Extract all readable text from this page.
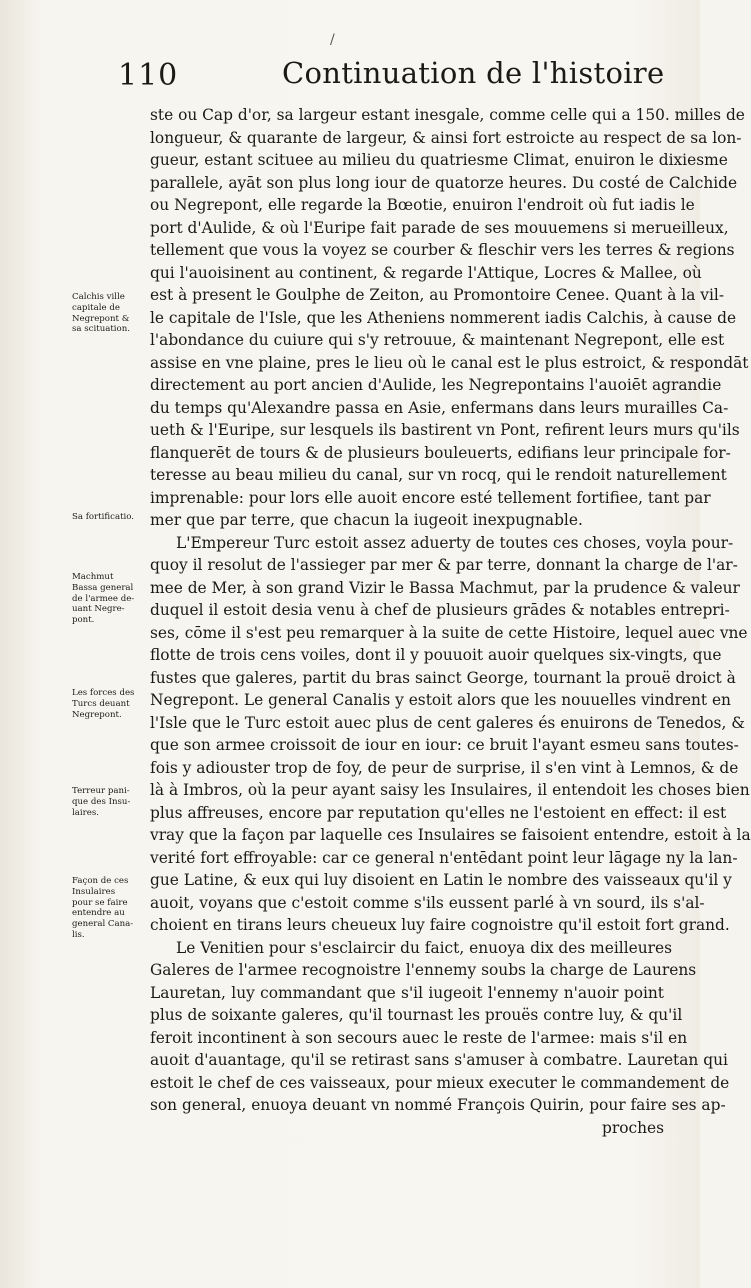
/
110	Continuation de l'histoire
Calchis ville
capitale de
Negrepont &
sa scituation.
Sa fortificatio.
Machmut
Bassa general
de l'armee de-
uant Negre-
pont.
Les forces des
Turcs deuant
Negrepont.
Terreur pani-
que des Insu-
laires.
Façon de ces
Insulaires
pour se faire
entendre au
general Cana-
lis.
ste ou Cap d'or, sa largeur estant inesgale, comme celle qui a 150. milles de
longueur, & quarante de largeur, & ainsi fort estroicte au respect de sa lon-
gueur, estant scituee au milieu du quatriesme Climat, enuiron le dixiesme
parallele, ayāt son plus long iour de quatorze heures. Du costé de Calchide
ou Negrepont, elle regarde la Bœotie, enuiron l'endroit où fut iadis le
port d'Aulide, & où l'Euripe fait parade de ses mouuemens si merueilleux,
tellement que vous la voyez se courber & fleschir vers les terres & regions
qui l'auoisinent au continent, & regarde l'Attique, Locres & Mallee, où
est à present le Goulphe de Zeiton, au Promontoire Cenee. Quant à la vil-
le capitale de l'Isle, que les Atheniens nommerent iadis Calchis, à cause de
l'abondance du cuiure qui s'y retrouue, & maintenant Negrepont, elle est
assise en vne plaine, pres le lieu où le canal est le plus estroict, & respondāt
directement au port ancien d'Aulide, les Negrepontains l'auoiēt agrandie
du temps qu'Alexandre passa en Asie, enfermans dans leurs murailles Ca-
ueth & l'Euripe, sur lesquels ils bastirent vn Pont, refirent leurs murs qu'ils
flanquerēt de tours & de plusieurs bouleuerts, edifians leur principale for-
teresse au beau milieu du canal, sur vn rocq, qui le rendoit naturellement
imprenable: pour lors elle auoit encore esté tellement fortifiee, tant par
mer que par terre, que chacun la iugeoit inexpugnable.
L'Empereur Turc estoit assez aduerty de toutes ces choses, voyla pour-
quoy il resolut de l'assieger par mer & par terre, donnant la charge de l'ar-
mee de Mer, à son grand Vizir le Bassa Machmut, par la prudence & valeur
duquel il estoit desia venu à chef de plusieurs grādes & notables entrepri-
ses, cōme il s'est peu remarquer à la suite de cette Histoire, lequel auec vne
flotte de trois cens voiles, dont il y pouuoit auoir quelques six-vingts, que
fustes que galeres, partit du bras sainct George, tournant la prouë droict à
Negrepont. Le general Canalis y estoit alors que les nouuelles vindrent en
l'Isle que le Turc estoit auec plus de cent galeres és enuirons de Tenedos, &
que son armee croissoit de iour en iour: ce bruit l'ayant esmeu sans toutes-
fois y adiouster trop de foy, de peur de surprise, il s'en vint à Lemnos, & de
là à Imbros, où la peur ayant saisy les Insulaires, il entendoit les choses bien
plus affreuses, encore par reputation qu'elles ne l'estoient en effect: il est
vray que la façon par laquelle ces Insulaires se faisoient entendre, estoit à la
verité fort effroyable: car ce general n'entēdant point leur lāgage ny la lan-
gue Latine, & eux qui luy disoient en Latin le nombre des vaisseaux qu'il y
auoit, voyans que c'estoit comme s'ils eussent parlé à vn sourd, ils s'al-
choient en tirans leurs cheueux luy faire cognoistre qu'il estoit fort grand.
Le Venitien pour s'esclaircir du faict, enuoya dix des meilleures
Galeres de l'armee recognoistre l'ennemy soubs la charge de Laurens
Lauretan, luy commandant que s'il iugeoit l'ennemy n'auoir point
plus de soixante galeres, qu'il tournast les prouës contre luy, & qu'il
feroit incontinent à son secours auec le reste de l'armee: mais s'il en
auoit d'auantage, qu'il se retirast sans s'amuser à combatre. Lauretan qui
estoit le chef de ces vaisseaux, pour mieux executer le commandement de
son general, enuoya deuant vn nommé François Quirin, pour faire ses ap-
proches
